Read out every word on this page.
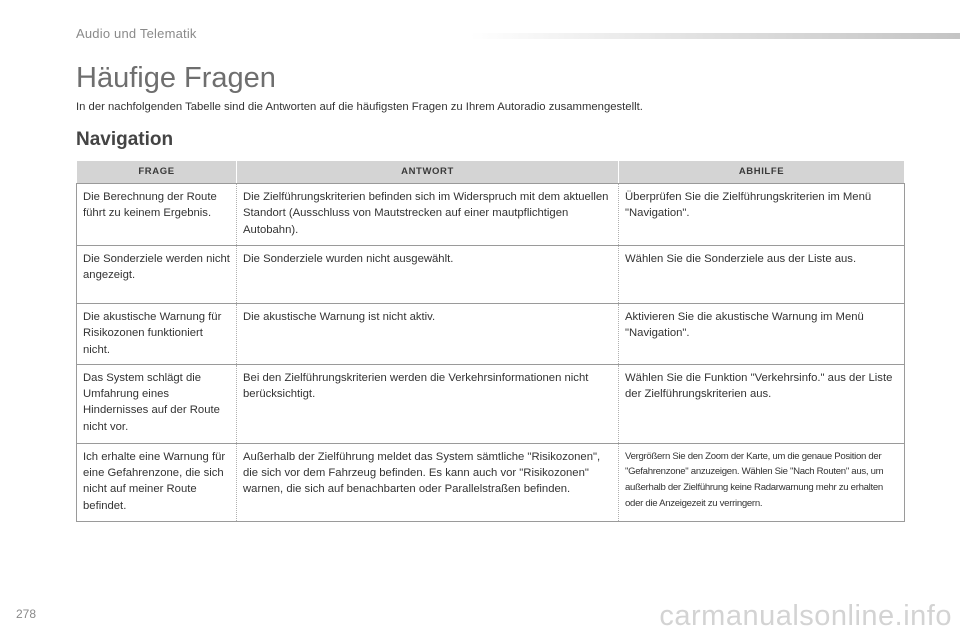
Audio und Telematik
Häufige Fragen

In der nachfolgenden Tabelle sind die Antworten auf die häufigsten Fragen zu Ihrem Autoradio zusammengestellt.

Navigation
FRAGE	ANTWORT	ABHILFE
Die Berechnung der Route führt zu keinem Ergebnis.	Die Zielführungskriterien befinden sich im Widerspruch mit dem aktuellen Standort (Ausschluss von Mautstrecken auf einer mautpflichtigen Autobahn).	Überprüfen Sie die Zielführungskriterien im Menü "Navigation".
Die Sonderziele werden nicht angezeigt.	Die Sonderziele wurden nicht ausgewählt.	Wählen Sie die Sonderziele aus der Liste aus.
Die akustische Warnung für Risikozonen funktioniert nicht.	Die akustische Warnung ist nicht aktiv.	Aktivieren Sie die akustische Warnung im Menü "Navigation".
Das System schlägt die Umfahrung eines Hindernisses auf der Route nicht vor.	Bei den Zielführungskriterien werden die Verkehrsinformationen nicht berücksichtigt.	Wählen Sie die Funktion "Verkehrsinfo." aus der Liste der Zielführungskriterien aus.
Ich erhalte eine Warnung für eine Gefahrenzone, die sich nicht auf meiner Route befindet.	Außerhalb der Zielführung meldet das System sämtliche "Risikozonen", die sich vor dem Fahrzeug befinden. Es kann auch vor "Risikozonen" warnen, die sich auf benachbarten oder Parallelstraßen befinden.	Vergrößern Sie den Zoom der Karte, um die genaue Position der "Gefahrenzone" anzuzeigen. Wählen Sie "Nach Routen" aus, um außerhalb der Zielführung keine Radarwarnung mehr zu erhalten oder die Anzeigezeit zu verringern.
278	carmanualsonline.info
